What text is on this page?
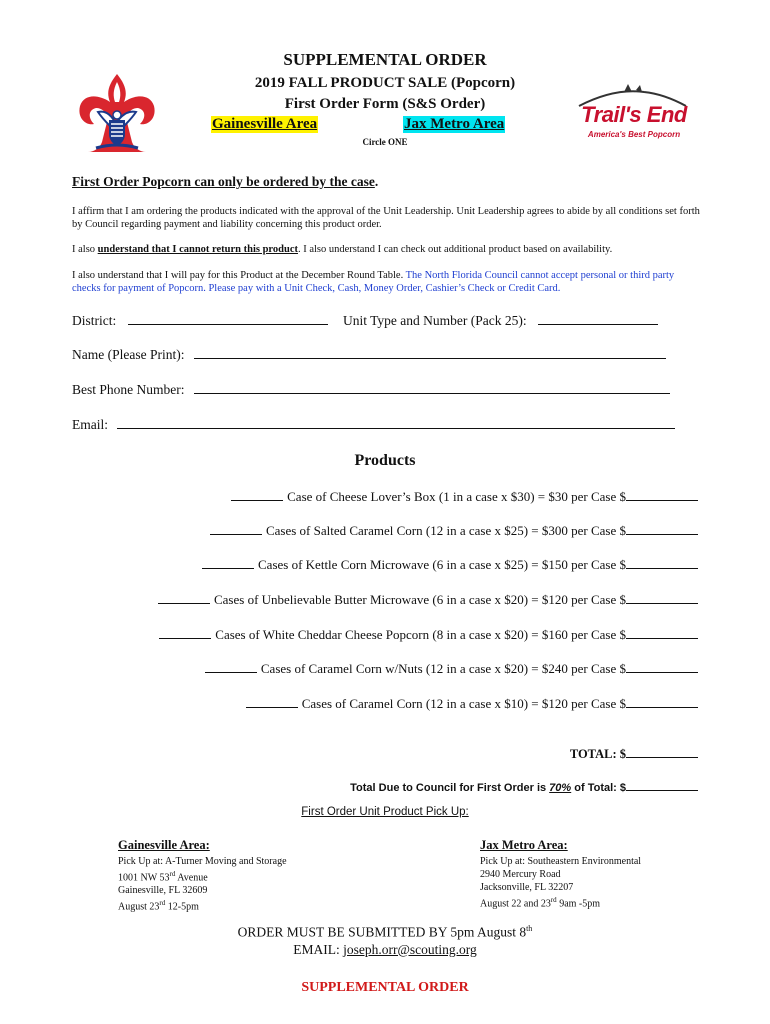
Trail's End
America's Best Popcorn
SUPPLEMENTAL ORDER
2019 FALL PRODUCT SALE (Popcorn)
First Order Form (S&S Order)
Gainesville Area	Jax Metro Area
Circle ONE
First Order Popcorn can only be ordered by the case.
I affirm that I am ordering the products indicated with the approval of the Unit Leadership. Unit Leadership agrees to abide by all conditions set forth by Council regarding payment and liability concerning this product order.
I also understand that I cannot return this product. I also understand I can check out additional product based on availability.
I also understand that I will pay for this Product at the December Round Table. The North Florida Council cannot accept personal or third party checks for payment of Popcorn. Please pay with a Unit Check, Cash, Money Order, Cashier’s Check or Credit Card.
District:	Unit Type and Number (Pack 25):
Name (Please Print):
Best Phone Number:
Email:
Products
Case of Cheese Lover’s Box (1 in a case x $30) = $30 per Case $
Cases of Salted Caramel Corn (12 in a case x $25) = $300 per Case $
Cases of Kettle Corn Microwave (6 in a case x $25) = $150 per Case $
Cases of Unbelievable Butter Microwave (6 in a case x $20) = $120 per Case $
Cases of White Cheddar Cheese Popcorn (8 in a case x $20) = $160 per Case $
Cases of Caramel Corn w/Nuts (12 in a case x $20) = $240 per Case $
Cases of Caramel Corn (12 in a case x $10) = $120 per Case $
TOTAL: $
Total Due to Council for First Order is 70% of Total: $
First Order Unit Product Pick Up:
Gainesville Area:
Pick Up at: A-Turner Moving and Storage
1001 NW 53rd Avenue
Gainesville, FL 32609
August 23rd 12-5pm
Jax Metro Area:
Pick Up at: Southeastern Environmental
2940 Mercury Road
Jacksonville, FL 32207
August 22 and 23rd 9am -5pm
ORDER MUST BE SUBMITTED BY 5pm August 8th
EMAIL: joseph.orr@scouting.org
SUPPLEMENTAL ORDER
